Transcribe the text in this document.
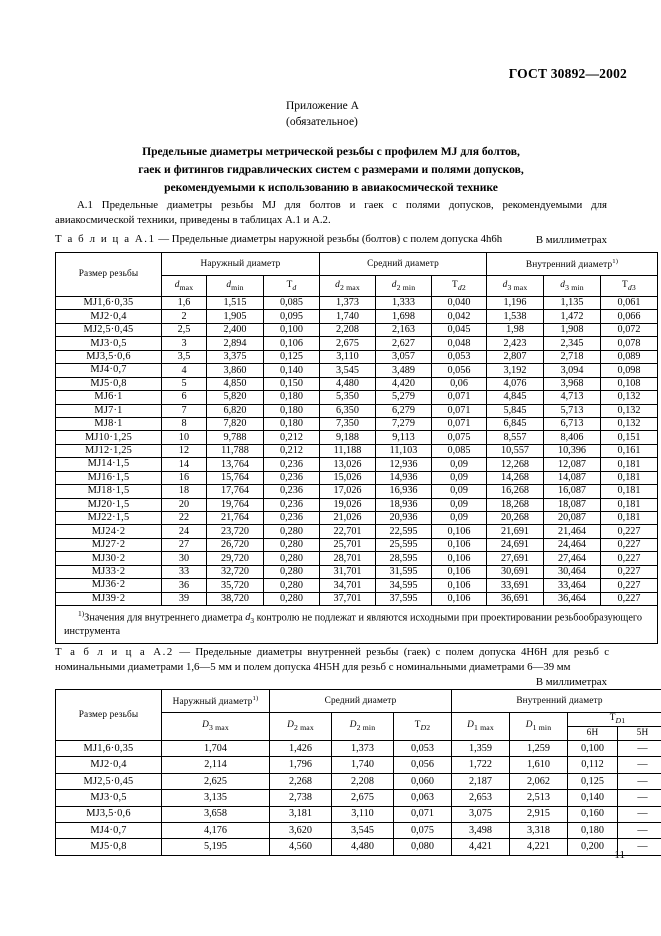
ГОСТ 30892—2002
Приложение А
(обязательное)
Предельные диаметры метрической резьбы с профилем MJ для болтов,
гаек и фитингов гидравлических систем с размерами и полями допусков,
рекомендуемыми к использованию в авиакосмической технике
А.1 Предельные диаметры резьбы MJ для болтов и гаек с полями допусков, рекомендуемыми для авиакосмической техники, приведены в таблицах А.1 и А.2.
Т а б л и ц а А.1 — Предельные диаметры наружной резьбы (болтов) с полем допуска 4h6h	В миллиметрах
Размер резьбы	Наружный диаметр			Средний диаметр			Внутренний диаметр$^{1)}$
	$d_{max}$	$d_{min}$	$T_d$	$d_{2 max}$	$d_{2 min}$	$T_{d2}$	$d_{3 max}$	$d_{3 min}$	$T_{d3}$
MJ1,6·0,35	1,6	1,515	0,085	1,373	1,333	0,040	1,196	1,135	0,061
MJ2·0,4	2	1,905	0,095	1,740	1,698	0,042	1,538	1,472	0,066
MJ2,5·0,45	2,5	2,400	0,100	2,208	2,163	0,045	1,98	1,908	0,072
MJ3·0,5	3	2,894	0,106	2,675	2,627	0,048	2,423	2,345	0,078
MJ3,5·0,6	3,5	3,375	0,125	3,110	3,057	0,053	2,807	2,718	0,089
MJ4·0,7	4	3,860	0,140	3,545	3,489	0,056	3,192	3,094	0,098
MJ5·0,8	5	4,850	0,150	4,480	4,420	0,06	4,076	3,968	0,108
MJ6·1	6	5,820	0,180	5,350	5,279	0,071	4,845	4,713	0,132
MJ7·1	7	6,820	0,180	6,350	6,279	0,071	5,845	5,713	0,132
MJ8·1	8	7,820	0,180	7,350	7,279	0,071	6,845	6,713	0,132
MJ10·1,25	10	9,788	0,212	9,188	9,113	0,075	8,557	8,406	0,151
MJ12·1,25	12	11,788	0,212	11,188	11,103	0,085	10,557	10,396	0,161
MJ14·1,5	14	13,764	0,236	13,026	12,936	0,09	12,268	12,087	0,181
MJ16·1,5	16	15,764	0,236	15,026	14,936	0,09	14,268	14,087	0,181
MJ18·1,5	18	17,764	0,236	17,026	16,936	0,09	16,268	16,087	0,181
MJ20·1,5	20	19,764	0,236	19,026	18,936	0,09	18,268	18,087	0,181
MJ22·1,5	22	21,764	0,236	21,026	20,936	0,09	20,268	20,087	0,181
MJ24·2	24	23,720	0,280	22,701	22,595	0,106	21,691	21,464	0,227
MJ27·2	27	26,720	0,280	25,701	25,595	0,106	24,691	24,464	0,227
MJ30·2	30	29,720	0,280	28,701	28,595	0,106	27,691	27,464	0,227
MJ33·2	33	32,720	0,280	31,701	31,595	0,106	30,691	30,464	0,227
MJ36·2	36	35,720	0,280	34,701	34,595	0,106	33,691	33,464	0,227
MJ39·2	39	38,720	0,280	37,701	37,595	0,106	36,691	36,464	0,227
$^{1)}$Значения для внутреннего диаметра $d_3$ контролю не подлежат и являются исходными при проектировании резьбообразующего инструмента									
Т а б л и ц а А.2 — Предельные диаметры внутренней резьбы (гаек) с полем допуска 4H6H для резьб с номинальными диаметрами 1,6—5 мм и полем допуска 4H5H для резьб с номинальными диаметрами 6—39 мм
В миллиметрах
Размер резьбы	Наружный диаметр$^{1)}$	Средний диаметр			Внутренний диаметр			
	$D_{3 max}$	$D_{2 max}$	$D_{2 min}$	$T_{D2}$	$D_{1 max}$	$D_{1 min}$	$T_{D1}$
							6H	5H
MJ1,6·0,35	1,704	1,426	1,373	0,053	1,359	1,259	0,100	—
MJ2·0,4	2,114	1,796	1,740	0,056	1,722	1,610	0,112	—
MJ2,5·0,45	2,625	2,268	2,208	0,060	2,187	2,062	0,125	—
MJ3·0,5	3,135	2,738	2,675	0,063	2,653	2,513	0,140	—
MJ3,5·0,6	3,658	3,181	3,110	0,071	3,075	2,915	0,160	—
MJ4·0,7	4,176	3,620	3,545	0,075	3,498	3,318	0,180	—
MJ5·0,8	5,195	4,560	4,480	0,080	4,421	4,221	0,200	—
11
